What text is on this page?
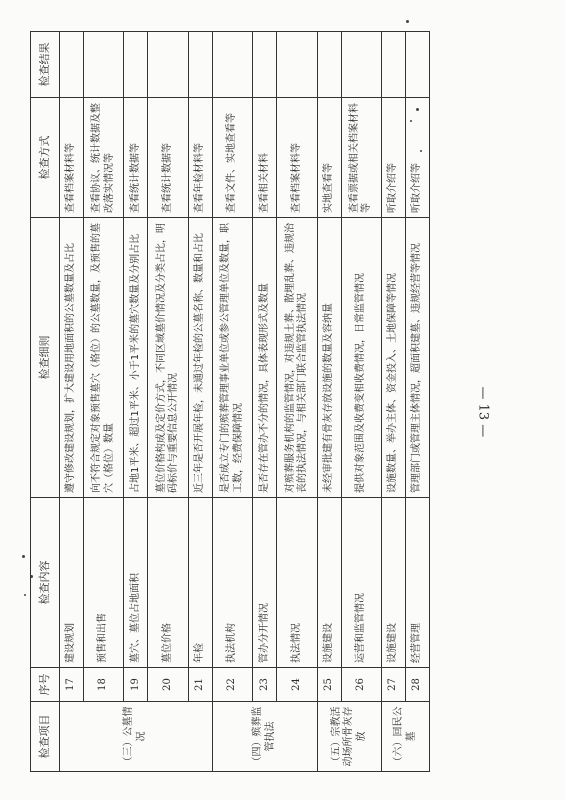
— 13 —
检查项目	序号	检查内容	检查细则	检查方式	检查结果
（三）公墓情况	17	建设规划	遵守修改建设规划，扩大建设用地面积的公墓数量及占比	查看档案材料等	
	18	预售和出售	向不符合规定对象预售墓穴（格位）的公墓数量，及预售的墓穴（格位）数量	查看协议、统计数据及整改落实情况等	
	19	墓穴、墓位占地面积	占地1平米、超过1平米、小于1平米的墓穴数量及分别占比	查看统计数据等	
	20	墓位价格	墓位价格构成及定价方式，不同区域墓价情况及分类占比，明码标价与重要信息公开情况	查看统计数据等	
	21	年检	近三年是否开展年检，未通过年检的公墓名称、数量和占比	查看年检材料等	
（四）殡葬监管执法	22	执法机构	是否成立专门的殡葬管理事业单位或参公管理单位及数量，职工数，经费保障情况	查看文件、实地查看等	
	23	管办分开情况	是否存在管办不分的情况，具体表现形式及数量	查看相关材料	
	24	执法情况	对殡葬服务机构的监管情况，对违规土葬、散埋乱葬、违规治丧的执法情况，与相关部门联合监管执法情况	查看档案材料等	
（五）宗教活动场所骨灰存放	25	设施建设	未经审批建有骨灰存放设施的数量及容纳量	实地查看等	
	26	运营和监管情况	提供对象范围及收费变相收费情况，日常监管情况	查看票据或相关档案材料等	
（六）回民公墓	27	设施建设	设施数量、举办主体、资金投入、土地保障等情况	听取介绍等	
	28	经营管理	管理部门或管理主体情况，超面积建墓、违规经营等情况	听取介绍等	
